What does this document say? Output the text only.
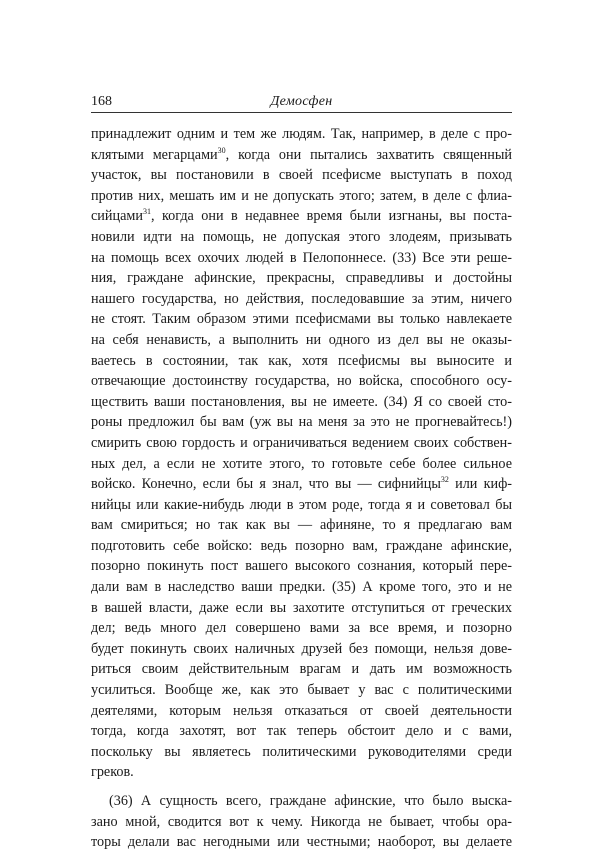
168	Демосфен
принадлежит одним и тем же людям. Так, например, в деле с про-
клятыми мегарцами$^{30}$, когда они пытались захватить священный
участок, вы постановили в своей псефисме выступать в поход
против них, мешать им и не допускать этого; затем, в деле с флиа-
сийцами$^{31}$, когда они в недавнее время были изгнаны, вы поста-
новили идти на помощь, не допуская этого злодеям, призывать
на помощь всех охочих людей в Пелопоннесе. (33) Все эти реше-
ния, граждане афинские, прекрасны, справедливы и достойны
нашего государства, но действия, последовавшие за этим, ничего
не стоят. Таким образом этими псефисмами вы только навлекаете
на себя ненависть, а выполнить ни одного из дел вы не оказы-
ваетесь в состоянии, так как, хотя псефисмы вы выносите и
отвечающие достоинству государства, но войска, способного осу-
ществить ваши постановления, вы не имеете. (34) Я со своей сто-
роны предложил бы вам (уж вы на меня за это не прогневайтесь!)
смирить свою гордость и ограничиваться ведением своих собствен-
ных дел, а если не хотите этого, то готовьте себе более сильное
войско. Конечно, если бы я знал, что вы — сифнийцы$^{32}$ или киф-
нийцы или какие-нибудь люди в этом роде, тогда я и советовал бы
вам смириться; но так как вы — афиняне, то я предлагаю вам
подготовить себе войско: ведь позорно вам, граждане афинские,
позорно покинуть пост вашего высокого сознания, который пере-
дали вам в наследство ваши предки. (35) А кроме того, это и не
в вашей власти, даже если вы захотите отступиться от греческих
дел; ведь много дел совершено вами за все время, и позорно
будет покинуть своих наличных друзей без помощи, нельзя дове-
риться своим действительным врагам и дать им возможность
усилиться. Вообще же, как это бывает у вас с политическими
деятелями, которым нельзя отказаться от своей деятельности
тогда, когда захотят, вот так теперь обстоит дело и с вами,
поскольку вы являетесь политическими руководителями среди
греков.
(36) А сущность всего, граждане афинские, что было выска-
зано мной, сводится вот к чему. Никогда не бывает, чтобы ора-
торы делали вас негодными или честными; наоборот, вы делаете
